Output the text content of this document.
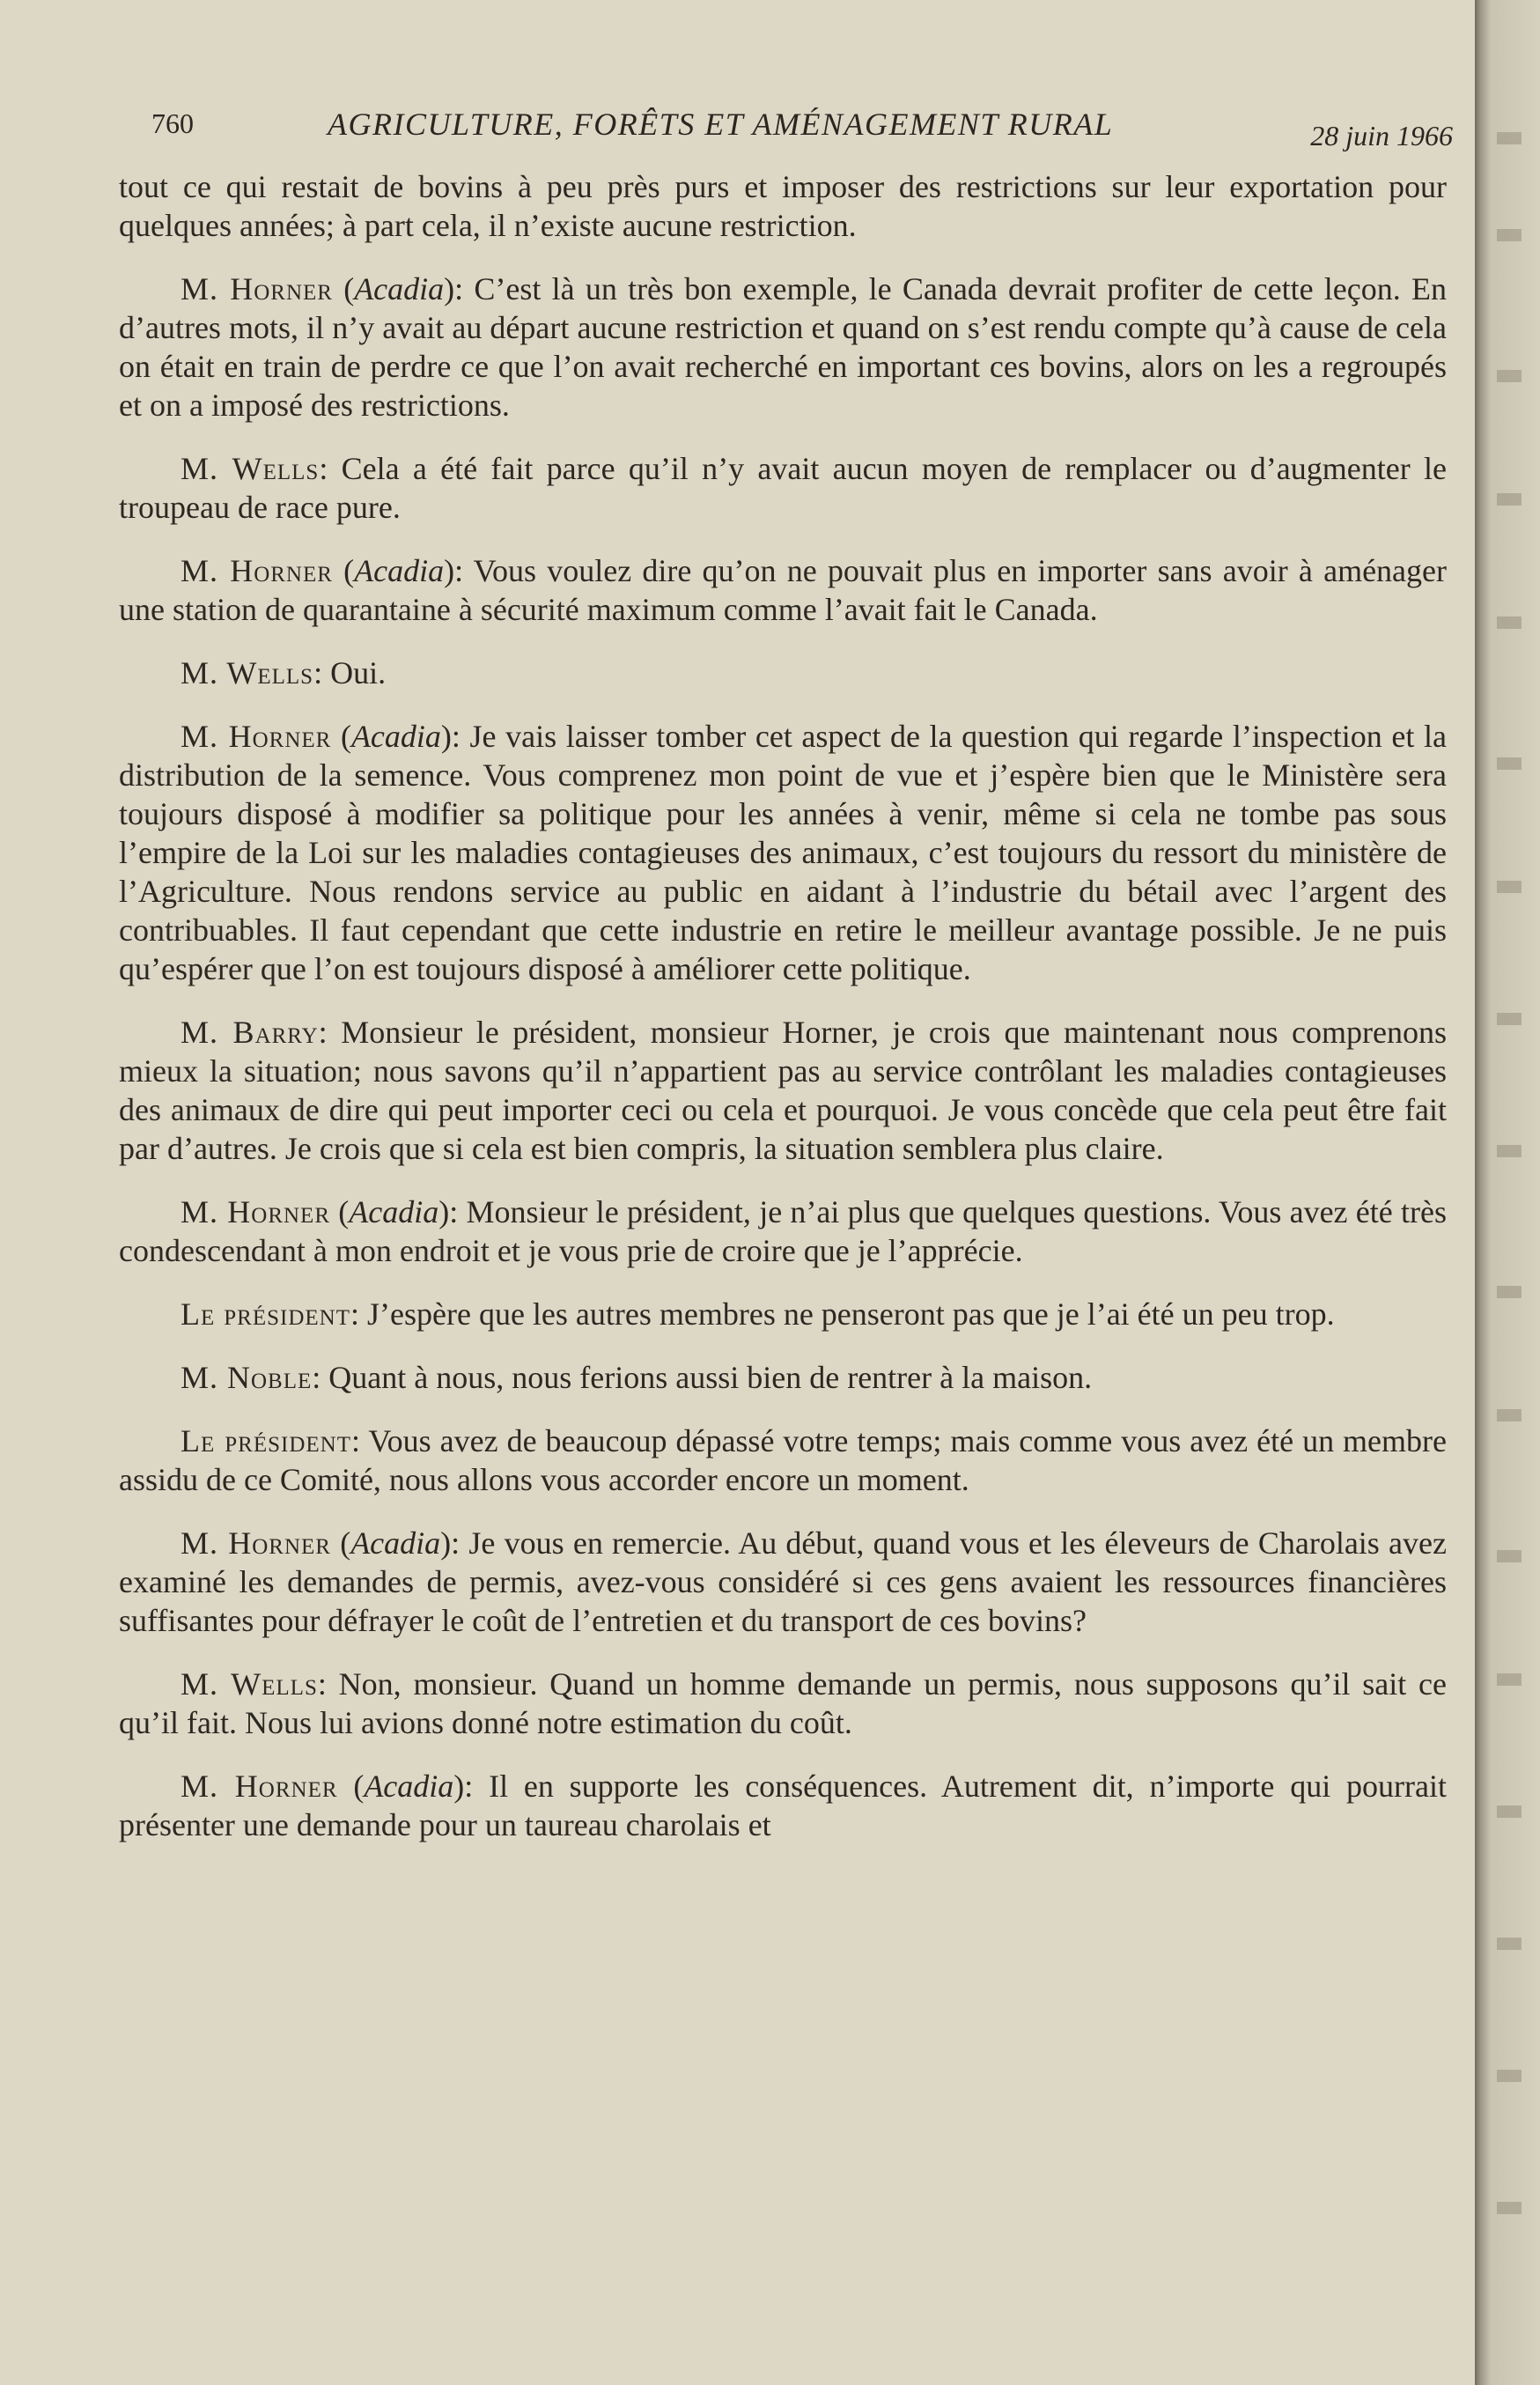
760	AGRICULTURE, FORÊTS ET AMÉNAGEMENT RURAL	28 juin 1966

tout ce qui restait de bovins à peu près purs et imposer des restrictions sur leur exportation pour quelques années; à part cela, il n’existe aucune restriction.

M. Horner (Acadia): C’est là un très bon exemple, le Canada devrait profiter de cette leçon. En d’autres mots, il n’y avait au départ aucune restriction et quand on s’est rendu compte qu’à cause de cela on était en train de perdre ce que l’on avait recherché en important ces bovins, alors on les a regroupés et on a imposé des restrictions.

M. Wells: Cela a été fait parce qu’il n’y avait aucun moyen de remplacer ou d’augmenter le troupeau de race pure.

M. Horner (Acadia): Vous voulez dire qu’on ne pouvait plus en importer sans avoir à aménager une station de quarantaine à sécurité maximum comme l’avait fait le Canada.

M. Wells: Oui.

M. Horner (Acadia): Je vais laisser tomber cet aspect de la question qui regarde l’inspection et la distribution de la semence. Vous comprenez mon point de vue et j’espère bien que le Ministère sera toujours disposé à modifier sa politique pour les années à venir, même si cela ne tombe pas sous l’empire de la Loi sur les maladies contagieuses des animaux, c’est toujours du ressort du ministère de l’Agriculture. Nous rendons service au public en aidant à l’industrie du bétail avec l’argent des contribuables. Il faut cependant que cette industrie en retire le meilleur avantage possible. Je ne puis qu’espérer que l’on est toujours disposé à améliorer cette politique.

M. Barry: Monsieur le président, monsieur Horner, je crois que maintenant nous comprenons mieux la situation; nous savons qu’il n’appartient pas au service contrôlant les maladies contagieuses des animaux de dire qui peut importer ceci ou cela et pourquoi. Je vous concède que cela peut être fait par d’autres. Je crois que si cela est bien compris, la situation semblera plus claire.

M. Horner (Acadia): Monsieur le président, je n’ai plus que quelques questions. Vous avez été très condescendant à mon endroit et je vous prie de croire que je l’apprécie.

Le président: J’espère que les autres membres ne penseront pas que je l’ai été un peu trop.

M. Noble: Quant à nous, nous ferions aussi bien de rentrer à la maison.

Le président: Vous avez de beaucoup dépassé votre temps; mais comme vous avez été un membre assidu de ce Comité, nous allons vous accorder encore un moment.

M. Horner (Acadia): Je vous en remercie. Au début, quand vous et les éleveurs de Charolais avez examiné les demandes de permis, avez-vous considéré si ces gens avaient les ressources financières suffisantes pour défrayer le coût de l’entretien et du transport de ces bovins?

M. Wells: Non, monsieur. Quand un homme demande un permis, nous supposons qu’il sait ce qu’il fait. Nous lui avions donné notre estimation du coût.

M. Horner (Acadia): Il en supporte les conséquences. Autrement dit, n’importe qui pourrait présenter une demande pour un taureau charolais et
